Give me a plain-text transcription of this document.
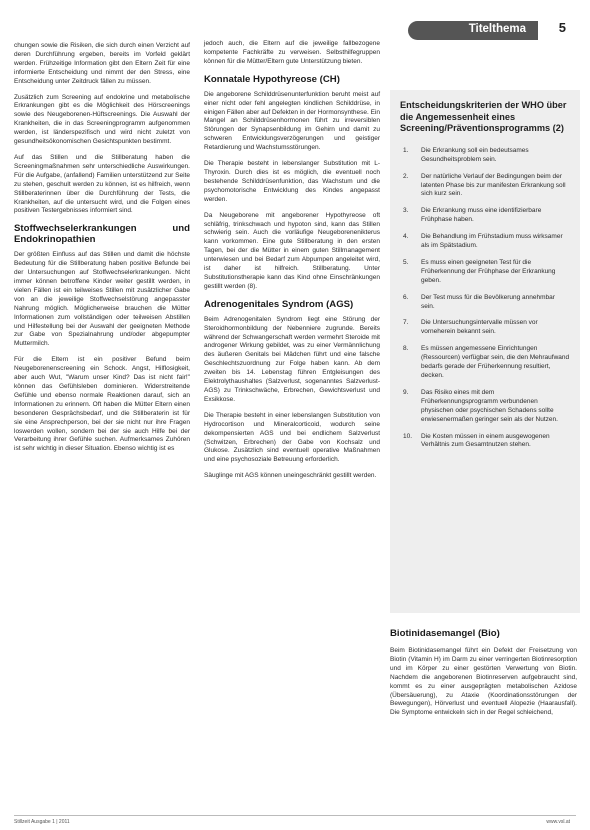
Titelthema	5

chungen sowie die Risiken, die sich durch einen Verzicht auf deren Durchführung ergeben, bereits im Vorfeld geklärt werden. Frühzeitige Information gibt den Eltern Zeit für eine informierte Entscheidung und nimmt der den Stress, eine Entscheidung unter Zeitdruck fällen zu müssen.

Zusätzlich zum Screening auf endokrine und metabolische Erkrankungen gibt es die Möglichkeit des Hörscreenings sowie des Neugeborenen-Hüftscreenings. Die Auswahl der Krankheiten, die in das Screeningprogramm aufgenommen werden, ist länderspezifisch und wird nicht zuletzt von gesundheitsökonomischen Gesichtspunkten bestimmt.

Auf das Stillen und die Stillberatung haben die Screeningmaßnahmen sehr unterschiedliche Auswirkungen. Für die Aufgabe, (anfallend) Familien unterstützend zur Seite zu stehen, geschult werden zu können, ist es hilfreich, wenn Stillberaterinnen über die Durchführung der Tests, die Krankheiten, auf die untersucht wird, und die Folgen eines positiven Testergebnisses informiert sind.

Stoffwechselerkrankungen und Endokrinopathien

Der größten Einfluss auf das Stillen und damit die höchste Bedeutung für die Stillberatung haben positive Befunde bei der Untersuchungen auf Stoffwechselerkrankungen. Nicht immer können betroffene Kinder weiter gestillt werden, in vielen Fällen ist ein teilweises Stillen mit zusätzlicher Gabe von an die jeweilige Stoffwechselstörung angepasster Nahrung möglich. Möglicherweise brauchen die Mütter Informationen zum vollständigen oder teilweisen Abstillen und Hilfestellung bei der Auswahl der geeigneten Methode zur Gabe von Spezialnahrung und/oder abgepumpter Muttermilch.

Für die Eltern ist ein positiver Befund beim Neugeborenenscreening ein Schock. Angst, Hilflosigkeit, aber auch Wut, "Warum unser Kind? Das ist nicht fair!" können das Gefühlsleben dominieren. Widerstreitende Gefühle und ebenso normale Reaktionen darauf, sich an Informationen zu erinnern. Oft haben die Mütter Eltern einen besonderen Gesprächsbedarf, und die Stillberaterin ist für sie eine Ansprechperson, bei der sie nicht nur ihre Fragen loswerden wollen, sondern bei der sie auch Hilfe bei der Verarbeitung ihrer Gefühle suchen. Aufmerksames Zuhören ist sehr wichtig in dieser Situation. Ebenso wichtig ist es

jedoch auch, die Eltern auf die jeweilige fallbezogene kompetente Fachkräfte zu verweisen. Selbsthilfegruppen können für die Mütter/Eltern gute Unterstützung bieten.

Konnatale Hypothyreose (CH)

Die angeborene Schilddrüsenunterfunktion beruht meist auf einer nicht oder fehl angelegten kindlichen Schilddrüse, in einigen Fällen aber auf Defekten in der Hormonsynthese. Ein Mangel an Schilddrüsenhormonen führt zu irreversiblen Störungen der Synapsenbildung im Gehirn und damit zu schweren Entwicklungsverzögerungen und geistiger Retardierung und Wachstumsstörungen.

Die Therapie besteht in lebenslanger Substitution mit L-Thyroxin. Durch dies ist es möglich, die eventuell noch bestehende Schilddrüsenfunktion, das Wachstum und die psychomotorische Entwicklung des Kindes angepasst werden.

Da Neugeborene mit angeborener Hypothyreose oft schläfrig, trinkschwach und hypoton sind, kann das Stillen schwierig sein. Auch die vorläufige Neugeborenenikterus kann vorkommen. Eine gute Stillberatung in den ersten Tagen, bei der die Mütter in einem guten Stillmanagement unterwiesen und bei Bedarf zum Abpumpen angeleitet wird, ist daher ist hilfreich. Stillberatung. Unter Substitutionstherapie kann das Kind ohne Einschränkungen gestillt werden (8).

Adrenogenitales Syndrom (AGS)

Beim Adrenogenitalen Syndrom liegt eine Störung der Steroidhormonbildung der Nebenniere zugrunde. Bereits während der Schwangerschaft werden vermehrt Steroide mit androgener Wirkung gebildet, was zu einer Vermännlichung des äußeren Genitals bei Mädchen führt und eine falsche Geschlechtszuordnung zur Folge haben kann. Ab dem zweiten bis 14. Lebenstag führen Entgleisungen des Elektrolythaushaltes (Salzverlust, sogenanntes Salzverlust-AGS) zu Trinkschwäche, Erbrechen, Gewichtsverlust und Exsikkose.

Die Therapie besteht in einer lebenslangen Substitution von Hydrocortison und Mineralcorticoid, wodurch seine dekompensierten AGS und bei endlichem Salzverlust (Schwitzen, Erbrechen) der Gabe von Kochsalz und Glukose. Zusätzlich sind eventuell operative Maßnahmen und eine psychosoziale Betreuung erforderlich.

Säuglinge mit AGS können uneingeschränkt gestillt werden.

Entscheidungskriterien der WHO über die Angemessenheit eines Screening/Präventionsprogramms (2)
1. Die Erkrankung soll ein bedeutsames Gesundheitsproblem sein.
2. Der natürliche Verlauf der Bedingungen beim der latenten Phase bis zur manifesten Erkrankung soll sich kurz sein.
3. Die Erkrankung muss eine identifizierbare Frühphase haben.
4. Die Behandlung im Frühstadium muss wirksamer als im Spätstadium.
5. Es muss einen geeigneten Test für die Früherkennung der Frühphase der Erkrankung geben.
6. Der Test muss für die Bevölkerung annehmbar sein.
7. Die Untersuchungsintervalle müssen vor vorneherein bekannt sein.
8. Es müssen angemessene Einrichtungen (Ressourcen) verfügbar sein, die den Mehraufwand bedarfs gerade der Früherkennung resultiert, decken.
9. Das Risiko eines mit dem Früherkennungsprogramm verbundenen physischen oder psychischen Schadens sollte erwiesenermaßen geringer sein als der Nutzen.
10. Die Kosten müssen in einem ausgewogenen Verhältnis zum Gesamtnutzen stehen.
Biotinidasemangel (Bio)
Beim Biotinidasemangel führt ein Defekt der Freisetzung von Biotin (Vitamin H) im Darm zu einer verringerten Biotinresorption und im Körper zu einer gestörten Verwertung von Biotin. Nachdem die angeborenen Biotinreserven aufgebraucht sind, kommt es zu einer ausgeprägten metabolischen Azidose (Übersäuerung), zu Ataxie (Koordinationsstörungen der Bewegungen), Hörverlust und eventuell Alopezie (Haarausfall). Die Symptome entwickeln sich in der Regel schleichend,
Stillzeit Ausgabe 1 | 2011	www.vsl.at
